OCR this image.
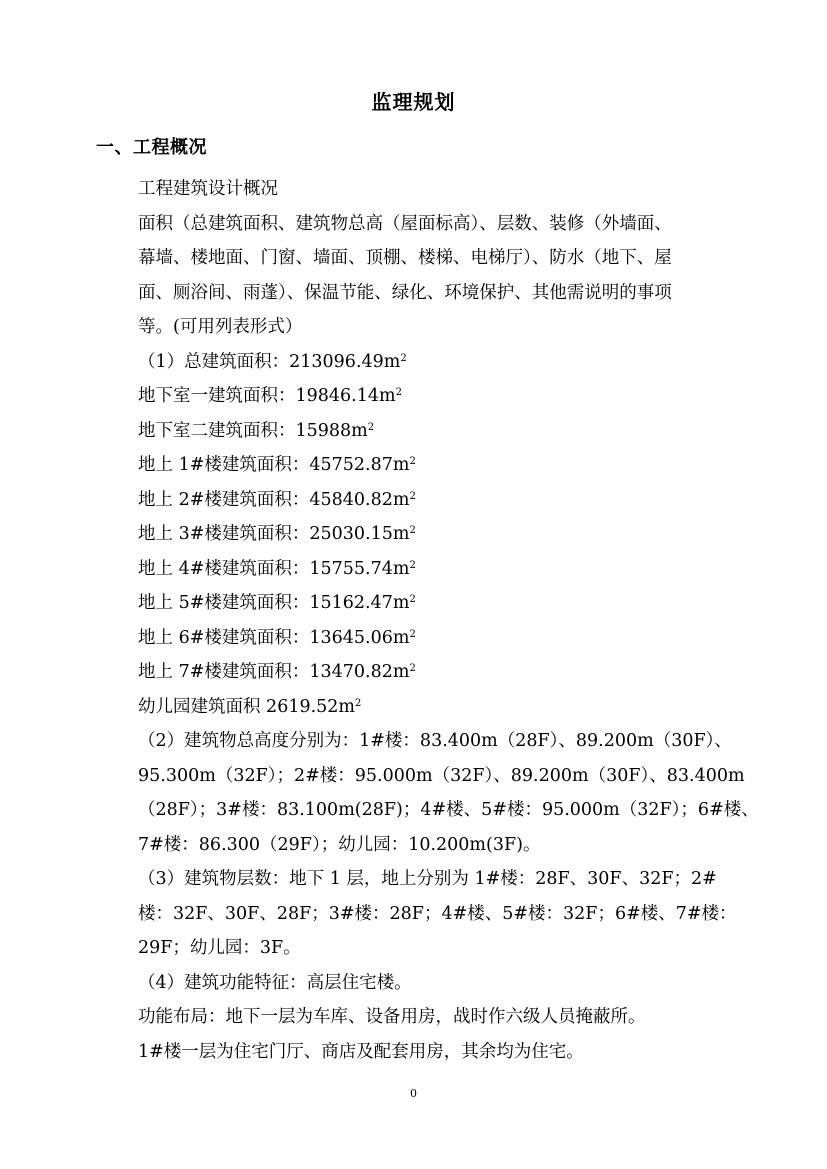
监理规划
一、工程概况
工程建筑设计概况
面积（总建筑面积、建筑物总高（屋面标高）、层数、装修（外墙面、
幕墙、楼地面、门窗、墙面、顶棚、楼梯、电梯厅）、防水（地下、屋
面、厕浴间、雨蓬）、保温节能、绿化、环境保护、其他需说明的事项
等。(可用列表形式）
（1）总建筑面积：$213096.49m^2$
地下室一建筑面积：$19846.14m^2$
地下室二建筑面积：$15988m^2$
地上 1#楼建筑面积：$45752.87m^2$
地上 2#楼建筑面积：$45840.82m^2$
地上 3#楼建筑面积：$25030.15m^2$
地上 4#楼建筑面积：$15755.74m^2$
地上 5#楼建筑面积：$15162.47m^2$
地上 6#楼建筑面积：$13645.06m^2$
地上 7#楼建筑面积：$13470.82m^2$
幼儿园建筑面积 $2619.52m^2$
（2）建筑物总高度分别为：1#楼：83.400m（28F）、89.200m（30F）、
95.300m（32F）；2#楼：95.000m（32F）、89.200m（30F）、83.400m
（28F）；3#楼：83.100m(28F)；4#楼、5#楼：95.000m（32F）；6#楼、
7#楼：86.300（29F）；幼儿园：10.200m(3F)。
（3）建筑物层数：地下 1 层，地上分别为 1#楼：28F、30F、32F；2#
楼：32F、30F、28F；3#楼：28F；4#楼、5#楼：32F；6#楼、7#楼：
29F；幼儿园：3F。
（4）建筑功能特征：高层住宅楼。
功能布局：地下一层为车库、设备用房，战时作六级人员掩蔽所。
1#楼一层为住宅门厅、商店及配套用房，其余均为住宅。
0
